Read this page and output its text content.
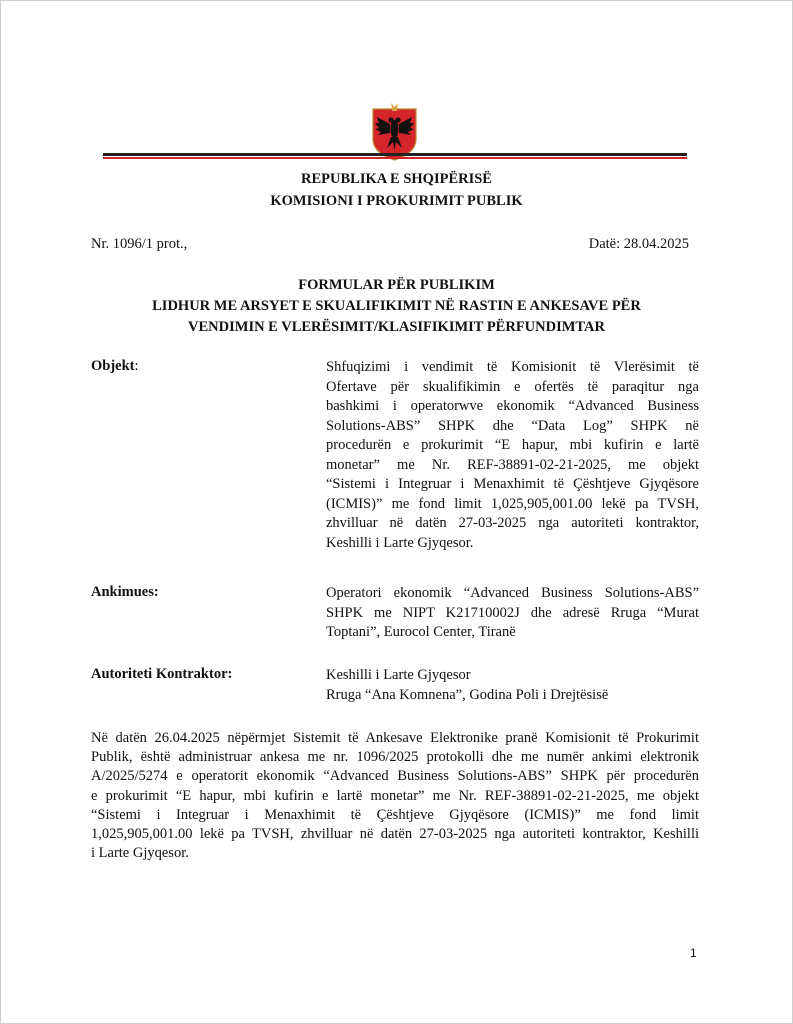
REPUBLIKA E SHQIPËRISË
KOMISIONI I PROKURIMIT PUBLIK
Nr. 1096/1 prot.,	Datë: 28.04.2025
FORMULAR PËR PUBLIKIM
LIDHUR ME ARSYET E SKUALIFIKIMIT NË RASTIN E ANKESAVE PËR
VENDIMIN E VLERËSIMIT/KLASIFIKIMIT PËRFUNDIMTAR
Objekt:	Shfuqizimi i vendimit të Komisionit të Vlerësimit të
Ofertave për skualifikimin e ofertës të paraqitur nga
bashkimi i operatorwve ekonomik “Advanced Business
Solutions-ABS” SHPK dhe “Data Log” SHPK në
procedurën e prokurimit “E hapur, mbi kufirin e lartë
monetar” me Nr. REF-38891-02-21-2025, me objekt
“Sistemi i Integruar i Menaxhimit të Çështjeve Gjyqësore
(ICMIS)” me fond limit 1,025,905,001.00 lekë pa TVSH,
zhvilluar në datën 27-03-2025 nga autoriteti kontraktor,
Keshilli i Larte Gjyqesor.
Ankimues:	Operatori ekonomik “Advanced Business Solutions-ABS”
SHPK me NIPT K21710002J dhe adresë Rruga “Murat
Toptani”, Eurocol Center, Tiranë
Autoriteti Kontraktor:	Keshilli i Larte Gjyqesor
Rruga “Ana Komnena”, Godina Poli i Drejtësisë
Në datën 26.04.2025 nëpërmjet Sistemit të Ankesave Elektronike pranë Komisionit të Prokurimit
Publik, është administruar ankesa me nr. 1096/2025 protokolli dhe me numër ankimi elektronik
A/2025/5274 e operatorit ekonomik “Advanced Business Solutions-ABS” SHPK për procedurën
e prokurimit “E hapur, mbi kufirin e lartë monetar” me Nr. REF-38891-02-21-2025, me objekt
“Sistemi i Integruar i Menaxhimit të Çështjeve Gjyqësore (ICMIS)” me fond limit
1,025,905,001.00 lekë pa TVSH, zhvilluar në datën 27-03-2025 nga autoriteti kontraktor, Keshilli
i Larte Gjyqesor.
1
